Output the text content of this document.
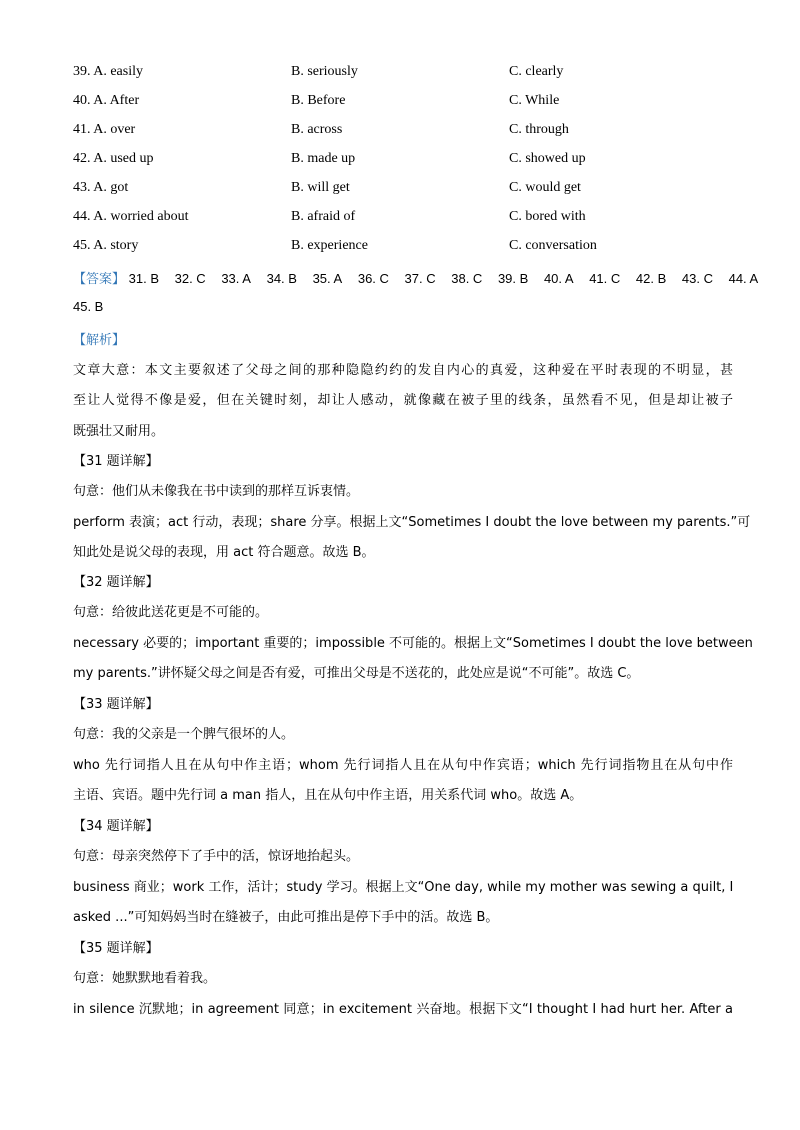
39. A. easily	B. seriously	C. clearly
40. A. After	B. Before	C. While
41. A. over	B. across	C. through
42. A. used up	B. made up	C. showed up
43. A. got	B. will get	C. would get
44. A. worried about	B. afraid of	C. bored with
45. A. story	B. experience	C. conversation
【答案】 31. B 32. C 33. A 34. B 35. A 36. C 37. C 38. C 39. B 40. A 41. C 42. B 43. C 44. A
45. B
【解析】
文章大意：本文主要叙述了父母之间的那种隐隐约约的发自内心的真爱，这种爱在平时表现的不明显，甚
至让人觉得不像是爱，但在关键时刻，却让人感动，就像藏在被子里的线条，虽然看不见，但是却让被子
既强壮又耐用。
【31 题详解】
句意：他们从未像我在书中读到的那样互诉衷情。
perform 表演；act 行动，表现；share 分享。根据上文“Sometimes I doubt the love between my parents.”可
知此处是说父母的表现，用 act 符合题意。故选 B。
【32 题详解】
句意：给彼此送花更是不可能的。
necessary 必要的；important 重要的；impossible 不可能的。根据上文“Sometimes I doubt the love between
my parents.”讲怀疑父母之间是否有爱，可推出父母是不送花的，此处应是说“不可能”。故选 C。
【33 题详解】
句意：我的父亲是一个脾气很坏的人。
who 先行词指人且在从句中作主语；whom 先行词指人且在从句中作宾语；which 先行词指物且在从句中作
主语、宾语。题中先行词 a man 指人，且在从句中作主语，用关系代词 who。故选 A。
【34 题详解】
句意：母亲突然停下了手中的活，惊讶地抬起头。
business 商业；work 工作，活计；study 学习。根据上文“One day, while my mother was sewing a quilt, I
asked ...”可知妈妈当时在缝被子，由此可推出是停下手中的活。故选 B。
【35 题详解】
句意：她默默地看着我。
in silence 沉默地；in agreement 同意；in excitement 兴奋地。根据下文“I thought I had hurt her. After a
